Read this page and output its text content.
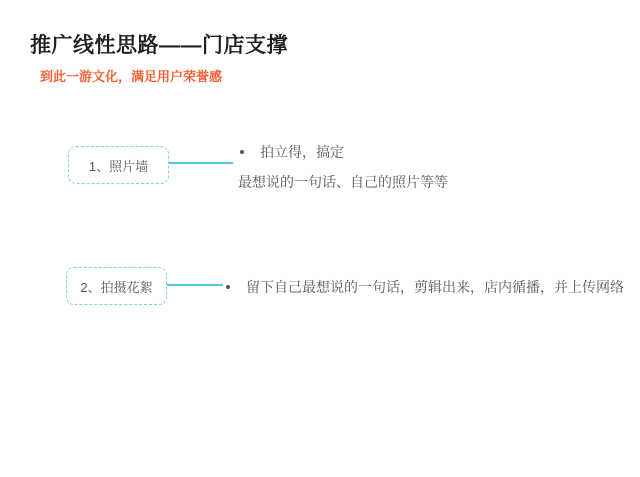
推广线性思路——门店支撑
到此一游文化，满足用户荣誉感
1、照片墙
拍立得，搞定
最想说的一句话、自己的照片等等
2、拍摄花絮	留下自己最想说的一句话，剪辑出来，店内循播，并上传网络
